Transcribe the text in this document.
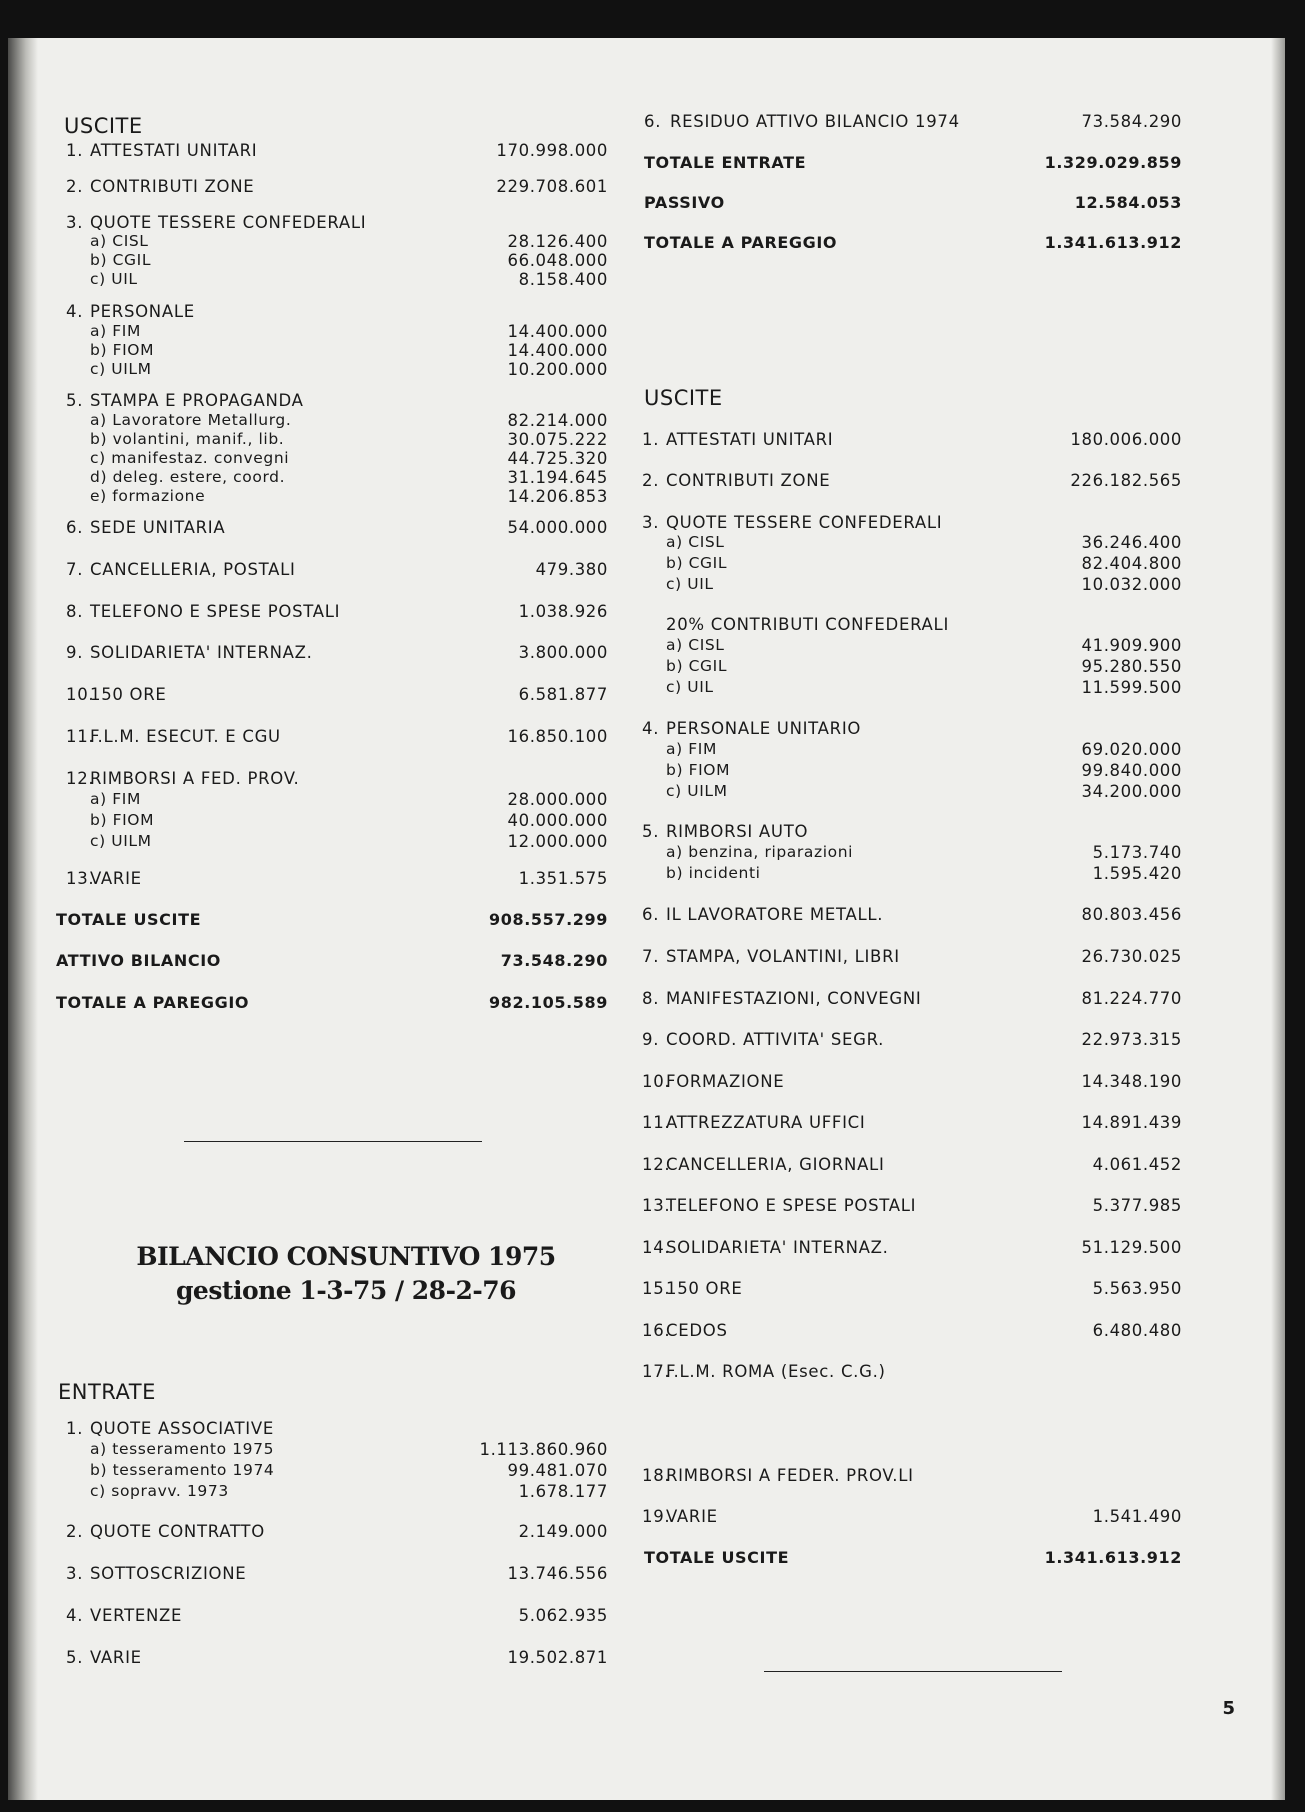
USCITE
1. ATTESTATI UNITARI	170.998.000
2. CONTRIBUTI ZONE	229.708.601
3. QUOTE TESSERE CONFEDERALI
a) CISL	28.126.400
b) CGIL	66.048.000
c) UIL	8.158.400
4. PERSONALE
a) FIM	14.400.000
b) FIOM	14.400.000
c) UILM	10.200.000
5. STAMPA E PROPAGANDA
a) Lavoratore Metallurg.	82.214.000
b) volantini, manif., lib.	30.075.222
c) manifestaz. convegni	44.725.320
d) deleg. estere, coord.	31.194.645
e) formazione	14.206.853
6. SEDE UNITARIA	54.000.000
7. CANCELLERIA, POSTALI	479.380
8. TELEFONO E SPESE POSTALI	1.038.926
9. SOLIDARIETA' INTERNAZ.	3.800.000
10.
150 ORE	6.581.877
11.
F.L.M. ESECUT. E CGU	16.850.100
12.
RIMBORSI A FED. PROV.
a) FIM	28.000.000
b) FIOM	40.000.000
c) UILM	12.000.000
13.
VARIE	1.351.575
TOTALE USCITE	908.557.299
ATTIVO BILANCIO	73.548.290
TOTALE A PAREGGIO	982.105.589
BILANCIO CONSUNTIVO 1975
gestione 1-3-75 / 28-2-76
ENTRATE
1. QUOTE ASSOCIATIVE
a) tesseramento 1975	1.113.860.960
b) tesseramento 1974	99.481.070
c) sopravv. 1973	1.678.177
2. QUOTE CONTRATTO	2.149.000
3. SOTTOSCRIZIONE	13.746.556
4. VERTENZE	5.062.935
5. VARIE	19.502.871
6. RESIDUO ATTIVO BILANCIO 1974	73.584.290
TOTALE ENTRATE	1.329.029.859
PASSIVO	12.584.053
TOTALE A PAREGGIO	1.341.613.912
USCITE
1. ATTESTATI UNITARI	180.006.000
2. CONTRIBUTI ZONE	226.182.565
3. QUOTE TESSERE CONFEDERALI
a) CISL	36.246.400
b) CGIL	82.404.800
c) UIL	10.032.000
20% CONTRIBUTI CONFEDERALI
a) CISL	41.909.900
b) CGIL	95.280.550
c) UIL	11.599.500
4. PERSONALE UNITARIO
a) FIM	69.020.000
b) FIOM	99.840.000
c) UILM	34.200.000
5. RIMBORSI AUTO
a) benzina, riparazioni	5.173.740
b) incidenti	1.595.420
6. IL LAVORATORE METALL.	80.803.456
7. STAMPA, VOLANTINI, LIBRI	26.730.025
8. MANIFESTAZIONI, CONVEGNI	81.224.770
9. COORD. ATTIVITA' SEGR.	22.973.315
10.
FORMAZIONE	14.348.190
11.
ATTREZZATURA UFFICI	14.891.439
12.
CANCELLERIA, GIORNALI	4.061.452
13.
TELEFONO E SPESE POSTALI	5.377.985
14.
SOLIDARIETA' INTERNAZ.	51.129.500
15.
150 ORE	5.563.950
16.
CEDOS	6.480.480
17.
F.L.M. ROMA (Esec. C.G.)
18.
RIMBORSI A FEDER. PROV.LI
19.
VARIE	1.541.490
TOTALE USCITE	1.341.613.912
5
